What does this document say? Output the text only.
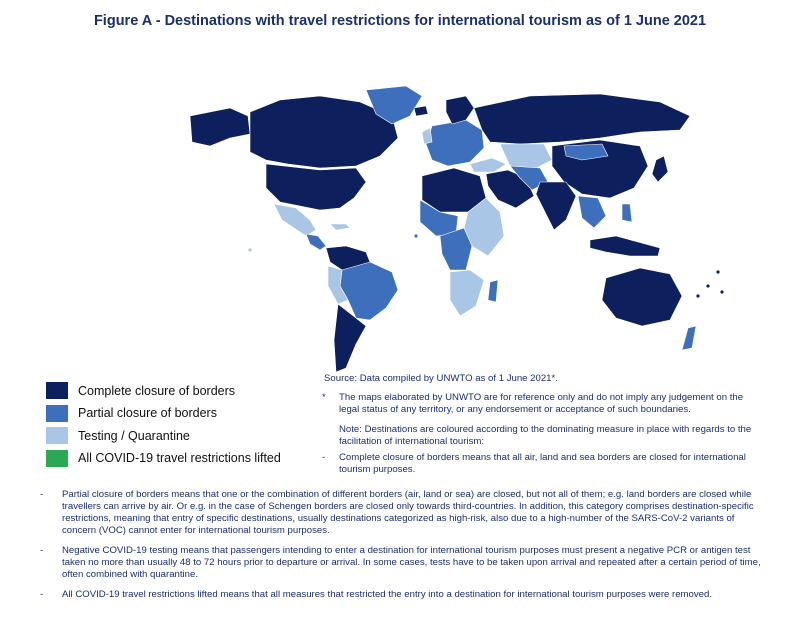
Figure A - Destinations with travel restrictions for international tourism as of 1 June 2021
Complete closure of borders
Partial closure of borders
Testing / Quarantine
All COVID-19 travel restrictions lifted
Source: Data compiled by UNWTO as of 1 June 2021*.
*	The maps elaborated by UNWTO are for reference only and do not imply any judgement on the legal status of any territory, or any endorsement or acceptance of such boundaries.
Note: Destinations are coloured according to the dominating measure in place with regards to the facilitation of international tourism:
-	Complete closure of borders means that all air, land and sea borders are closed for international tourism purposes.
-	Partial closure of borders means that one or the combination of different borders (air, land or sea) are closed, but not all of them; e.g. land borders are closed while travellers can arrive by air. Or e.g. in the case of Schengen borders are closed only towards third-countries. In addition, this category comprises destination-specific restrictions, meaning that entry of specific destinations, usually destinations categorized as high-risk, also due to a high-number of the SARS-CoV-2 variants of concern (VOC) cannot enter for international tourism purposes.
-	Negative COVID-19 testing means that passengers intending to enter a destination for international tourism purposes must present a negative PCR or antigen test taken no more than usually 48 to 72 hours prior to departure or arrival. In some cases, tests have to be taken upon arrival and repeated after a certain period of time, often combined with quarantine.
-	All COVID-19 travel restrictions lifted means that all measures that restricted the entry into a destination for international tourism purposes were removed.
